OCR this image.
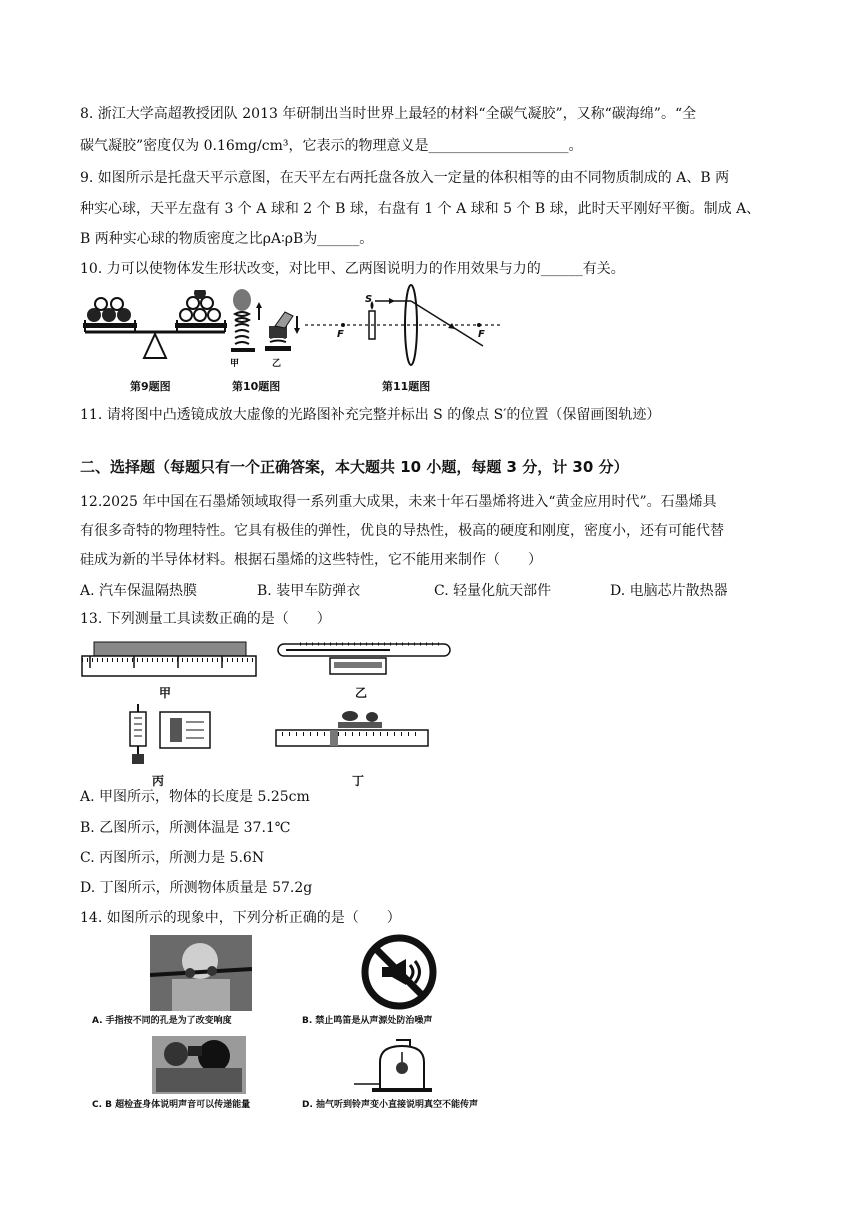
8. 浙江大学高超教授团队 2013 年研制出当时世界上最轻的材料“全碳气凝胶”，又称“碳海绵”。“全
碳气凝胶”密度仅为 0.16mg/cm³，它表示的物理意义是____________________。
9. 如图所示是托盘天平示意图，在天平左右两托盘各放入一定量的体积相等的由不同物质制成的 A、B 两
种实心球，天平左盘有 3 个 A 球和 2 个 B 球，右盘有 1 个 A 球和 5 个 B 球，此时天平刚好平衡。制成 A、
B 两种实心球的物质密度之比ρA∶ρB为______。
10. 力可以使物体发生形状改变，对比甲、乙两图说明力的作用效果与力的______有关。
甲	乙
S
F	F
第9题图	第10题图	第11题图
11. 请将图中凸透镜成放大虚像的光路图补充完整并标出 S 的像点 S′的位置（保留画图轨迹）
二、选择题（每题只有一个正确答案，本大题共 10 小题，每题 3 分，计 30 分）
12.2025 年中国在石墨烯领域取得一系列重大成果，未来十年石墨烯将进入“黄金应用时代”。石墨烯具
有很多奇特的物理特性。它具有极佳的弹性，优良的导热性，极高的硬度和刚度，密度小，还有可能代替
硅成为新的半导体材料。根据石墨烯的这些特性，它不能用来制作（　　）
A. 汽车保温隔热膜	B. 装甲车防弹衣	C. 轻量化航天部件	D. 电脑芯片散热器
13. 下列测量工具读数正确的是（　　）
甲	乙
丙	丁
A. 甲图所示，物体的长度是 5.25cm
B. 乙图所示，所测体温是 37.1℃
C. 丙图所示，所测力是 5.6N
D. 丁图所示，所测物体质量是 57.2g
14. 如图所示的现象中，下列分析正确的是（　　）
A. 手指按不同的孔是为了改变响度	B. 禁止鸣笛是从声源处防治噪声
C. B 超检查身体说明声音可以传递能量	D. 抽气听到铃声变小直接说明真空不能传声
